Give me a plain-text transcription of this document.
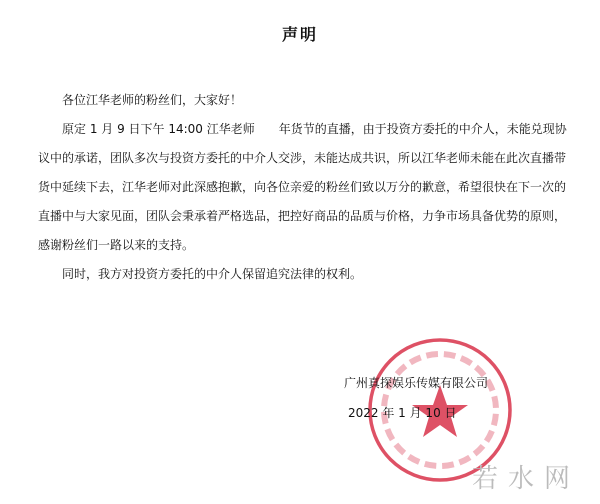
声明
各位江华老师的粉丝们，大家好！
原定 1 月 9 日下午 14:00 江华老师　　年货节的直播，由于投资方委托的中介人，未能兑现协
议中的承诺，团队多次与投资方委托的中介人交涉，未能达成共识，所以江华老师未能在此次直播带
货中延续下去，江华老师对此深感抱歉，向各位亲爱的粉丝们致以万分的歉意，希望很快在下一次的
直播中与大家见面，团队会秉承着严格选品，把控好商品的品质与价格，力争市场具备优势的原则，
感谢粉丝们一路以来的支持。
同时，我方对投资方委托的中介人保留追究法律的权利。
广州真探娱乐传媒有限公司
2022 年 1 月 10 日
若水网
